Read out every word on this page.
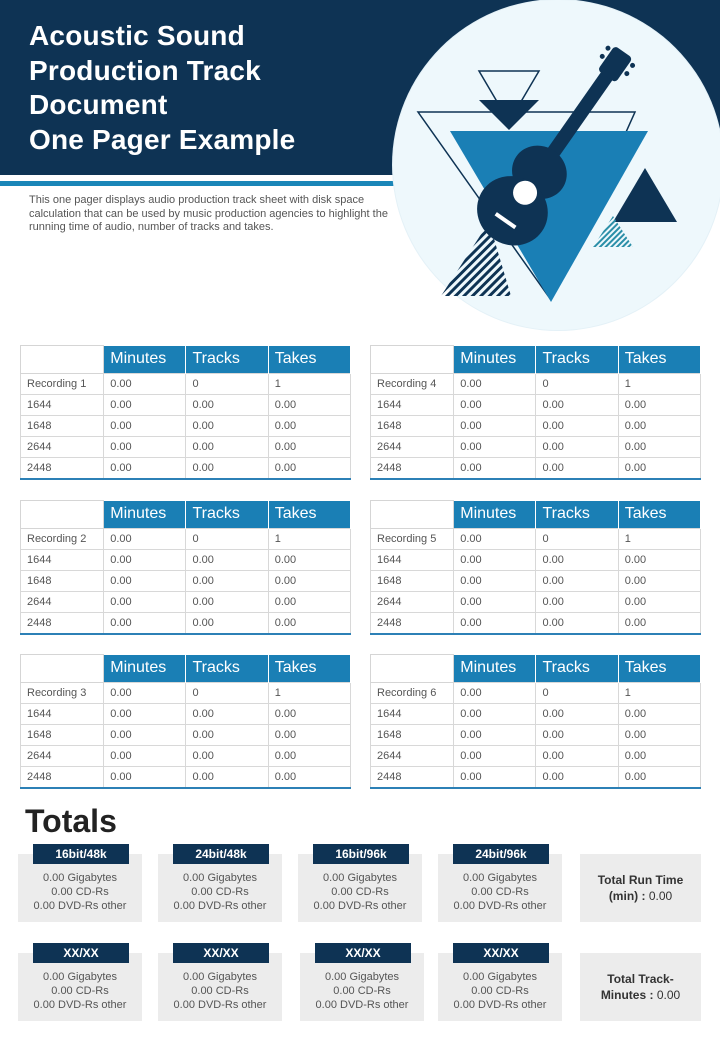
Acoustic Sound
Production Track
Document
One Pager Example
This one pager displays audio production track sheet with disk space calculation that can be used by music production agencies to highlight the running time of audio, number of tracks and takes.
	Minutes	Tracks	Takes
Recording 1	0.00	0	1
1644	0.00	0.00	0.00
1648	0.00	0.00	0.00
2644	0.00	0.00	0.00
2448	0.00	0.00	0.00
	Minutes	Tracks	Takes
Recording 4	0.00	0	1
1644	0.00	0.00	0.00
1648	0.00	0.00	0.00
2644	0.00	0.00	0.00
2448	0.00	0.00	0.00
	Minutes	Tracks	Takes
Recording 2	0.00	0	1
1644	0.00	0.00	0.00
1648	0.00	0.00	0.00
2644	0.00	0.00	0.00
2448	0.00	0.00	0.00
	Minutes	Tracks	Takes
Recording 5	0.00	0	1
1644	0.00	0.00	0.00
1648	0.00	0.00	0.00
2644	0.00	0.00	0.00
2448	0.00	0.00	0.00
	Minutes	Tracks	Takes
Recording 3	0.00	0	1
1644	0.00	0.00	0.00
1648	0.00	0.00	0.00
2644	0.00	0.00	0.00
2448	0.00	0.00	0.00
	Minutes	Tracks	Takes
Recording 6	0.00	0	1
1644	0.00	0.00	0.00
1648	0.00	0.00	0.00
2644	0.00	0.00	0.00
2448	0.00	0.00	0.00
Totals
16bit/48k
0.00 Gigabytes
0.00 CD-Rs
0.00 DVD-Rs other
24bit/48k
0.00 Gigabytes
0.00 CD-Rs
0.00 DVD-Rs other
16bit/96k
0.00 Gigabytes
0.00 CD-Rs
0.00 DVD-Rs other
24bit/96k
0.00 Gigabytes
0.00 CD-Rs
0.00 DVD-Rs other
Total Run Time
(min) : 0.00
XX/XX
0.00 Gigabytes
0.00 CD-Rs
0.00 DVD-Rs other
XX/XX
0.00 Gigabytes
0.00 CD-Rs
0.00 DVD-Rs other
XX/XX
0.00 Gigabytes
0.00 CD-Rs
0.00 DVD-Rs other
XX/XX
0.00 Gigabytes
0.00 CD-Rs
0.00 DVD-Rs other
Total Track-
Minutes : 0.00
